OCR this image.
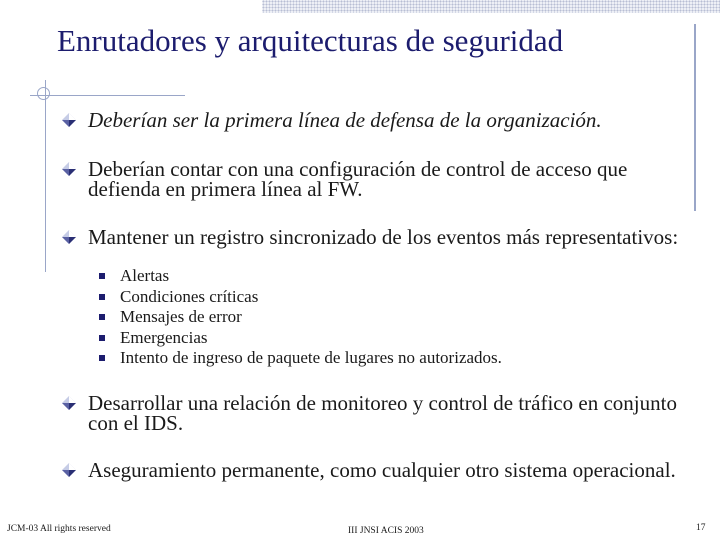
Enrutadores y arquitecturas de seguridad
Deberían ser la primera línea de defensa de la organización.
Deberían contar con una configuración de control de acceso que defienda en primera línea al FW.
Mantener un registro sincronizado de los eventos más representativos:
Alertas
Condiciones críticas
Mensajes de error
Emergencias
Intento de ingreso de paquete de lugares no autorizados.
Desarrollar una relación de monitoreo y control de tráfico en conjunto con el IDS.
Aseguramiento permanente, como cualquier otro sistema operacional.
JCM-03 All rights reserved	III JNSI ACIS 2003	17
